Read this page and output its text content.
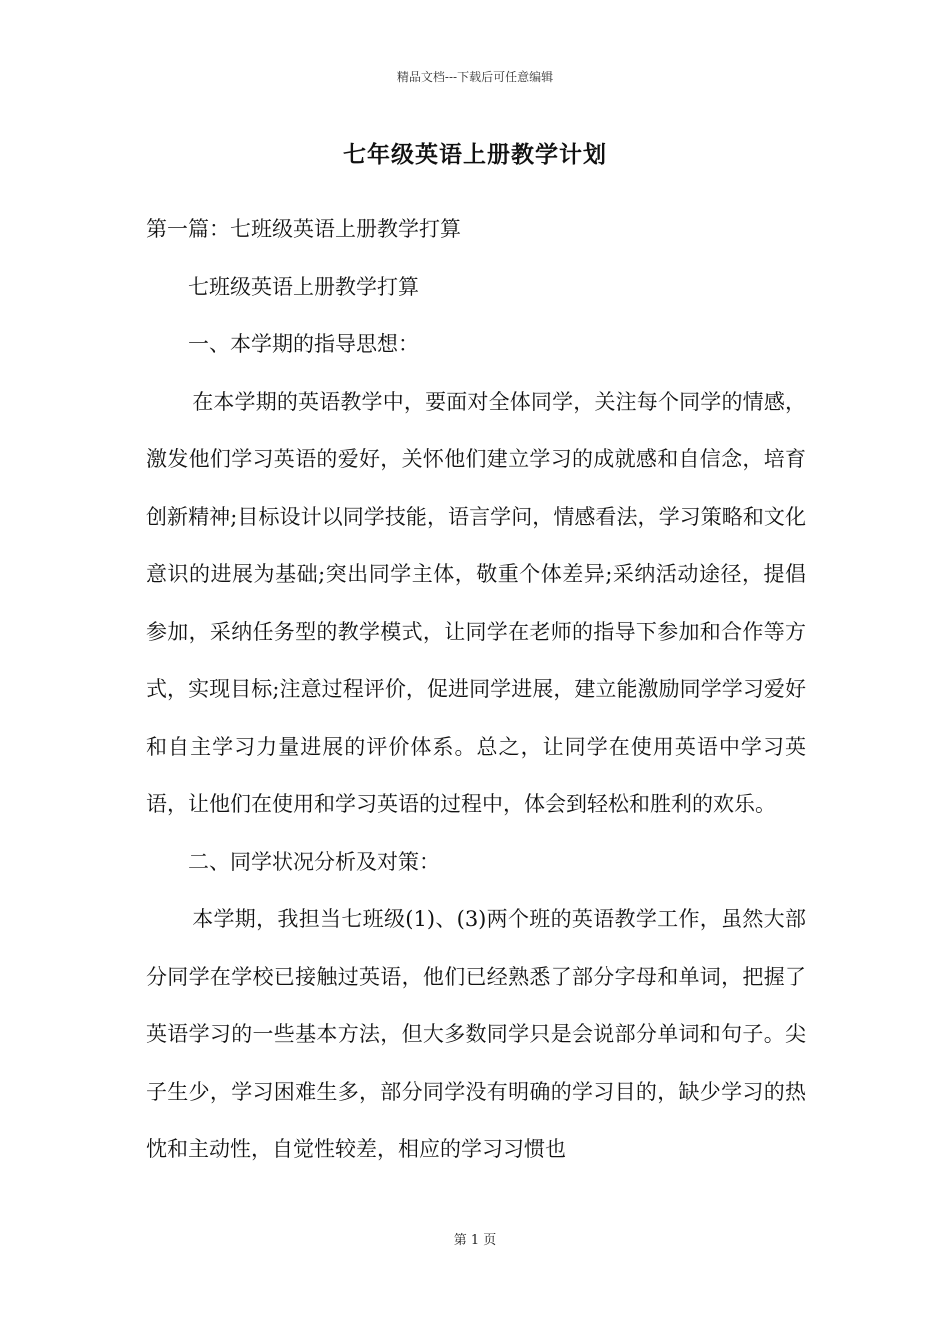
精品文档---下载后可任意编辑
七年级英语上册教学计划

第一篇：七班级英语上册教学打算

七班级英语上册教学打算

一、本学期的指导思想：

在本学期的英语教学中，要面对全体同学，关注每个同学的情感，激发他们学习英语的爱好，关怀他们建立学习的成就感和自信念，培育创新精神;目标设计以同学技能，语言学问，情感看法，学习策略和文化意识的进展为基础;突出同学主体，敬重个体差异;采纳活动途径，提倡参加，采纳任务型的教学模式，让同学在老师的指导下参加和合作等方式，实现目标;注意过程评价，促进同学进展，建立能激励同学学习爱好和自主学习力量进展的评价体系。总之，让同学在使用英语中学习英语，让他们在使用和学习英语的过程中，体会到轻松和胜利的欢乐。

二、同学状况分析及对策：

本学期，我担当七班级(1)、(3)两个班的英语教学工作，虽然大部分同学在学校已接触过英语，他们已经熟悉了部分字母和单词，把握了英语学习的一些基本方法，但大多数同学只是会说部分单词和句子。尖子生少，学习困难生多，部分同学没有明确的学习目的，缺少学习的热忱和主动性，自觉性较差，相应的学习习惯也

第 1 页
